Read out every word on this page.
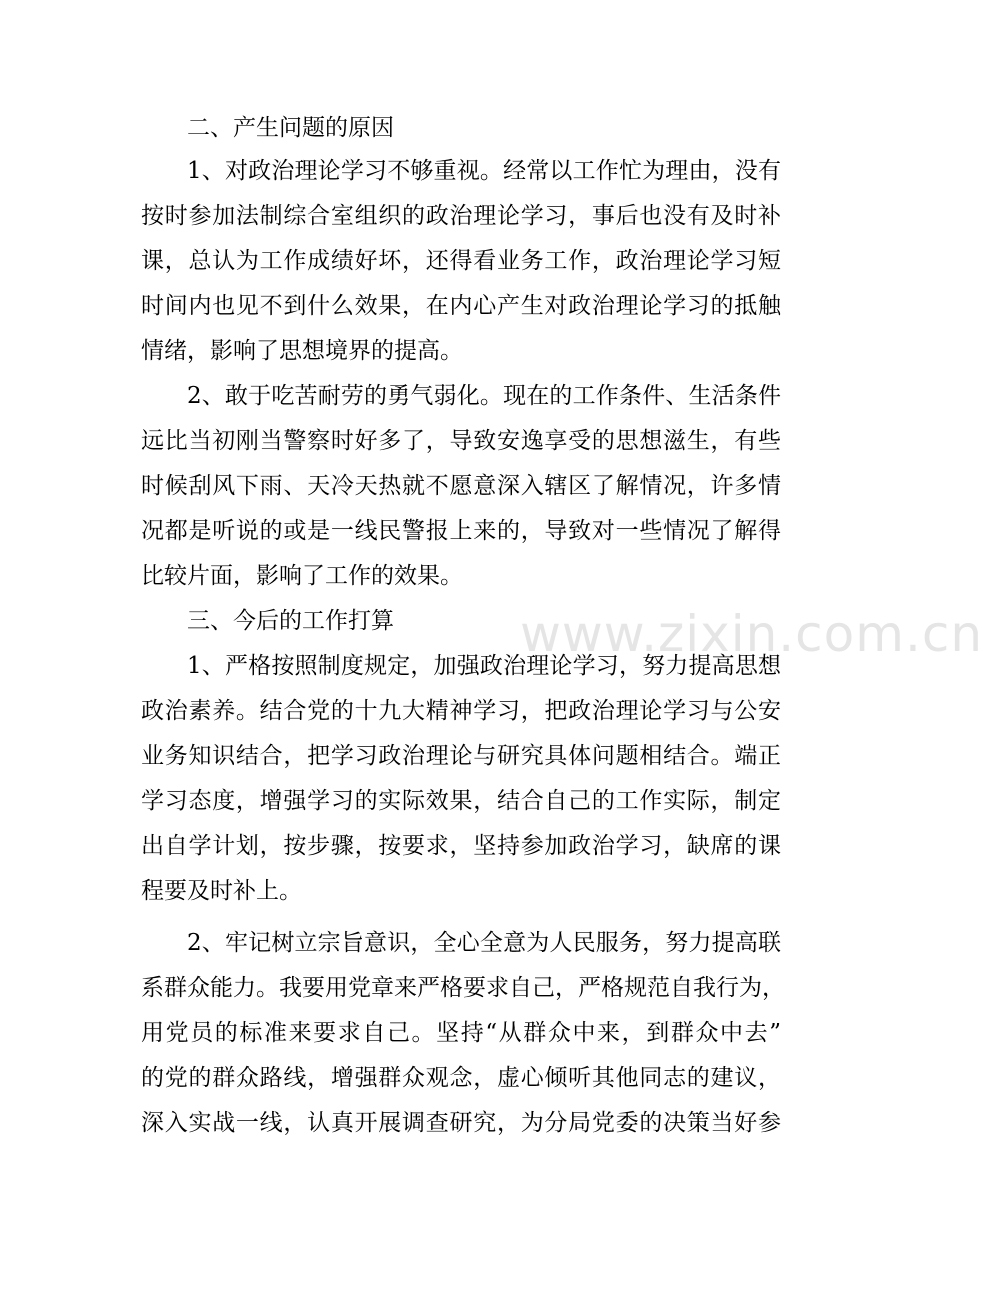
二、产生问题的原因
1、对政治理论学习不够重视。经常以工作忙为理由，没有
按时参加法制综合室组织的政治理论学习，事后也没有及时补
课，总认为工作成绩好坏，还得看业务工作，政治理论学习短
时间内也见不到什么效果，在内心产生对政治理论学习的抵触
情绪，影响了思想境界的提高。
2、敢于吃苦耐劳的勇气弱化。现在的工作条件、生活条件
远比当初刚当警察时好多了，导致安逸享受的思想滋生，有些
时候刮风下雨、天冷天热就不愿意深入辖区了解情况，许多情
况都是听说的或是一线民警报上来的，导致对一些情况了解得
比较片面，影响了工作的效果。
三、今后的工作打算
1、严格按照制度规定，加强政治理论学习，努力提高思想
政治素养。结合党的十九大精神学习，把政治理论学习与公安
业务知识结合，把学习政治理论与研究具体问题相结合。端正
学习态度，增强学习的实际效果，结合自己的工作实际，制定
出自学计划，按步骤，按要求，坚持参加政治学习，缺席的课
程要及时补上。
2、牢记树立宗旨意识，全心全意为人民服务，努力提高联
系群众能力。我要用党章来严格要求自己，严格规范自我行为，
用党员的标准来要求自己。坚持“从群众中来，到群众中去”
的党的群众路线，增强群众观念，虚心倾听其他同志的建议，
深入实战一线，认真开展调查研究，为分局党委的决策当好参
www.zixin.com.cn
